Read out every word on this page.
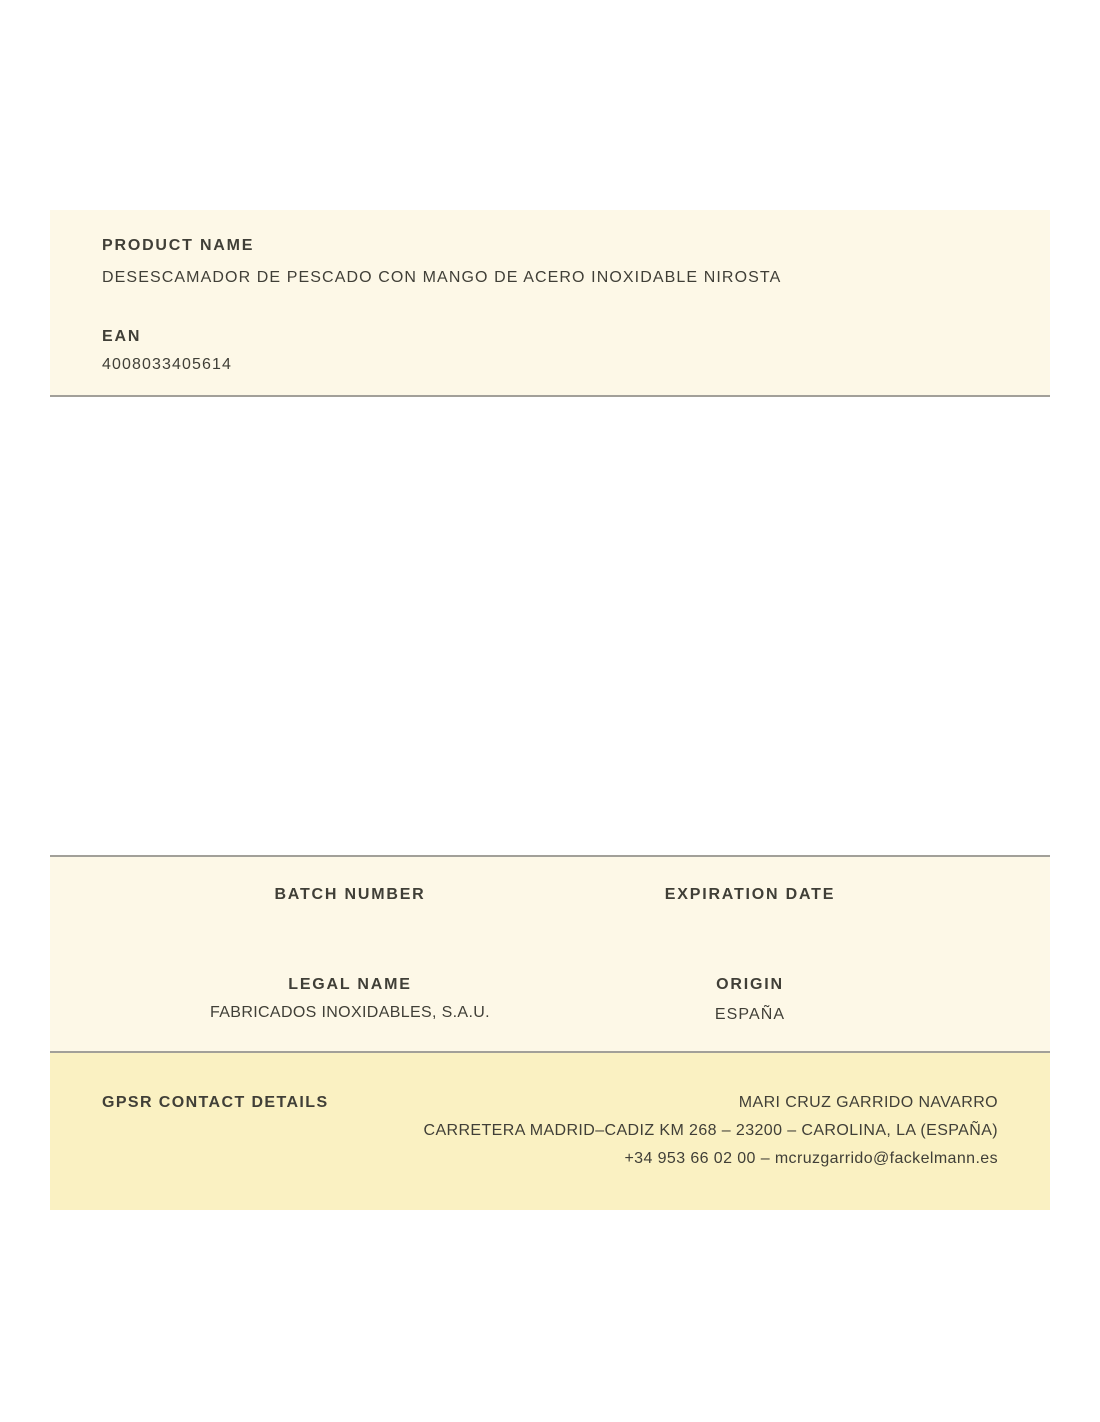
PRODUCT NAME
DESESCAMADOR DE PESCADO CON MANGO DE ACERO INOXIDABLE NIROSTA
EAN
4008033405614
BATCH NUMBER	EXPIRATION DATE
LEGAL NAME
FABRICADOS INOXIDABLES, S.A.U.
ORIGIN
ESPAÑA
GPSR CONTACT DETAILS	MARI CRUZ GARRIDO NAVARRO
CARRETERA MADRID–CADIZ KM 268 – 23200 – CAROLINA, LA (ESPAÑA)
+34 953 66 02 00 – mcruzgarrido@fackelmann.es
